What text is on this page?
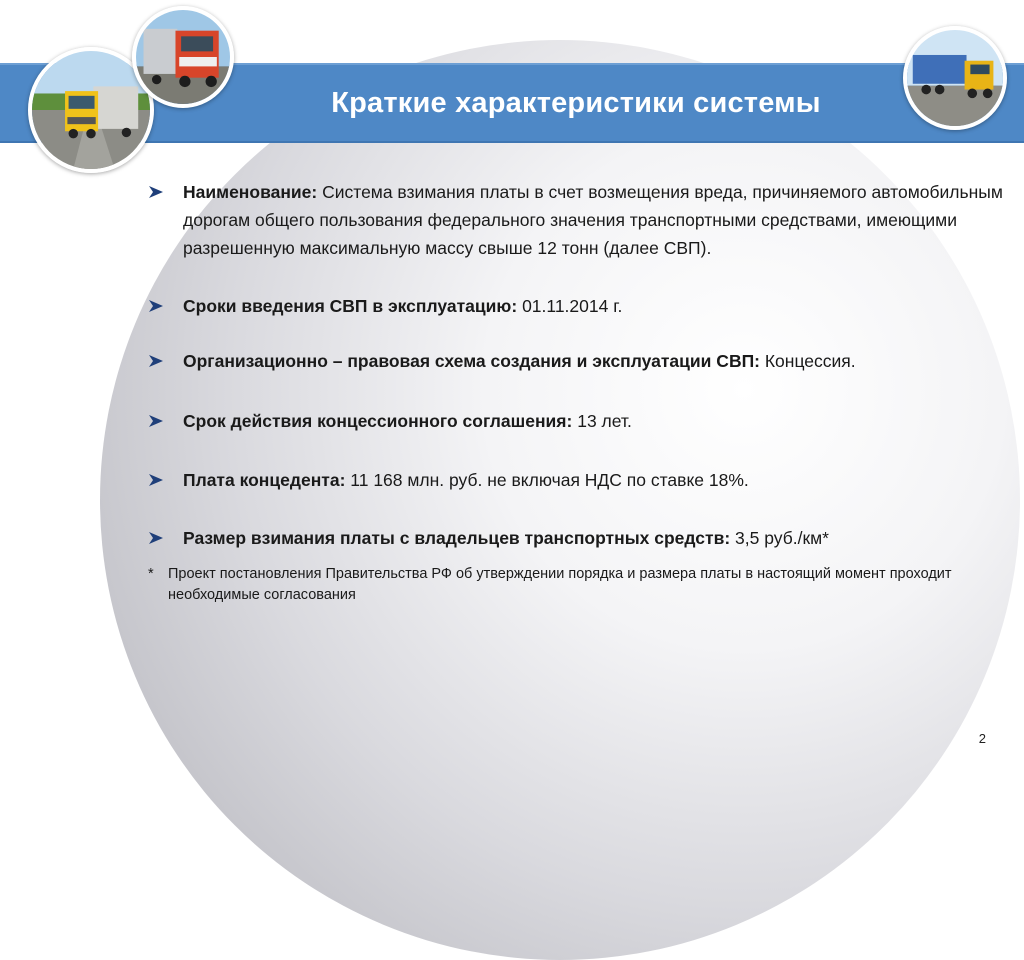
Краткие характеристики системы
Наименование: Система взимания платы в счет возмещения вреда, причиняемого автомобильным дорогам общего пользования федерального значения транспортными средствами, имеющими разрешенную максимальную массу свыше 12 тонн (далее СВП).
Сроки введения СВП в эксплуатацию: 01.11.2014 г.
Организационно – правовая схема создания и эксплуатации СВП: Концессия.
Срок действия концессионного соглашения: 13 лет.
Плата концедента: 11 168 млн. руб. не включая НДС по ставке 18%.
Размер взимания платы с владельцев транспортных средств: 3,5 руб./км*
* Проект постановления Правительства РФ об утверждении порядка и размера платы в настоящий момент проходит необходимые согласования
2
